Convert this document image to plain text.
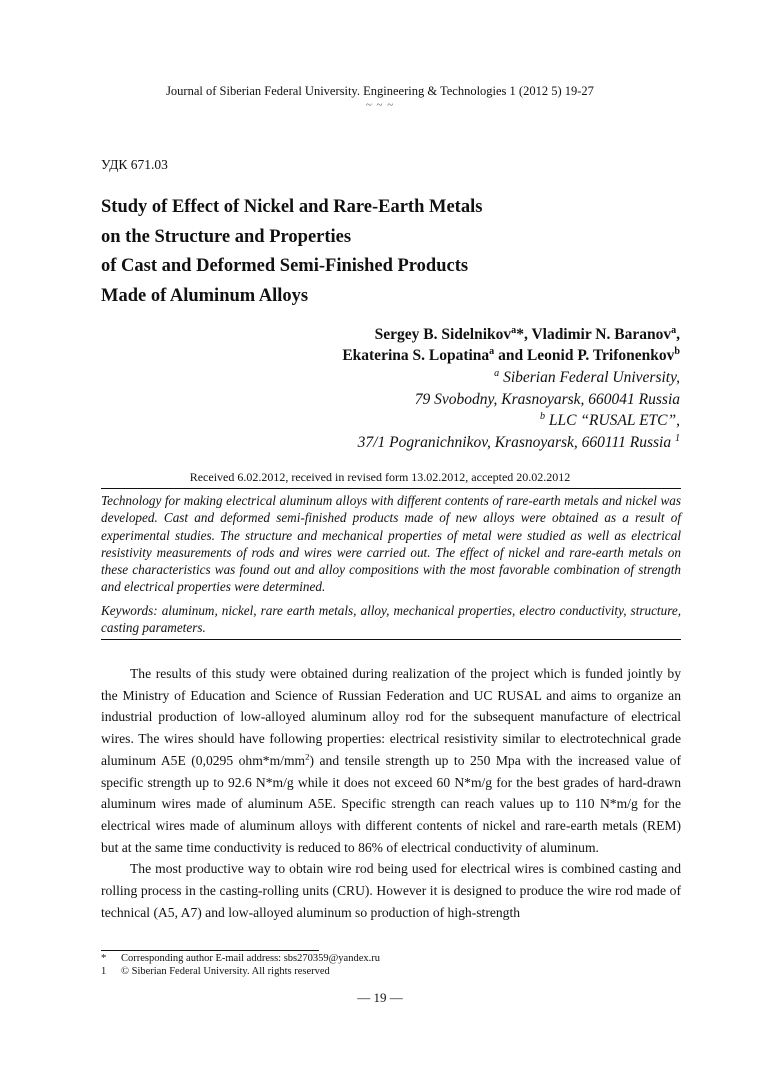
Journal of Siberian Federal University. Engineering & Technologies 1 (2012 5) 19-27
~ ~ ~
УДК 671.03
Study of Effect of Nickel and Rare-Earth Metals
on the Structure and Properties
of Cast and Deformed Semi-Finished Products
Made of Aluminum Alloys
Sergey B. Sidelnikov$^a$*, Vladimir N. Baranov$^a$,
Ekaterina S. Lopatina$^a$ and Leonid P. Trifonenkov$^b$
$^a$ Siberian Federal University,
79 Svobodny, Krasnoyarsk, 660041 Russia
$^b$ LLC “RUSAL ETC”,
37/1 Pogranichnikov, Krasnoyarsk, 660111 Russia $^1$
Received 6.02.2012, received in revised form 13.02.2012, accepted 20.02.2012
Technology for making electrical aluminum alloys with different contents of rare-earth metals and nickel was developed. Cast and deformed semi-finished products made of new alloys were obtained as a result of experimental studies. The structure and mechanical properties of metal were studied as well as electrical resistivity measurements of rods and wires were carried out. The effect of nickel and rare-earth metals on these characteristics was found out and alloy compositions with the most favorable combination of strength and electrical properties were determined.
Keywords: aluminum, nickel, rare earth metals, alloy, mechanical properties, electro conductivity, structure, casting parameters.

The results of this study were obtained during realization of the project which is funded jointly by the Ministry of Education and Science of Russian Federation and UC RUSAL and aims to organize an industrial production of low-alloyed aluminum alloy rod for the subsequent manufacture of electrical wires. The wires should have following properties: electrical resistivity similar to electrotechnical grade aluminum A5E (0,0295 $ohm*m/mm^2$) and tensile strength up to 250 Mpa with the increased value of specific strength up to 92.6 N*m/g while it does not exceed 60 N*m/g for the best grades of hard-drawn aluminum wires made of aluminum A5E. Specific strength can reach values up to 110 N*m/g for the electrical wires made of aluminum alloys with different contents of nickel and rare-earth metals (REM) but at the same time conductivity is reduced to 86% of electrical conductivity of aluminum.

The most productive way to obtain wire rod being used for electrical wires is combined casting and rolling process in the casting-rolling units (CRU). However it is designed to produce the wire rod made of technical (A5, A7) and low-alloyed aluminum so production of high-strength

* Corresponding author E-mail address: sbs270359@yandex.ru
1 © Siberian Federal University. All rights reserved
— 19 —
